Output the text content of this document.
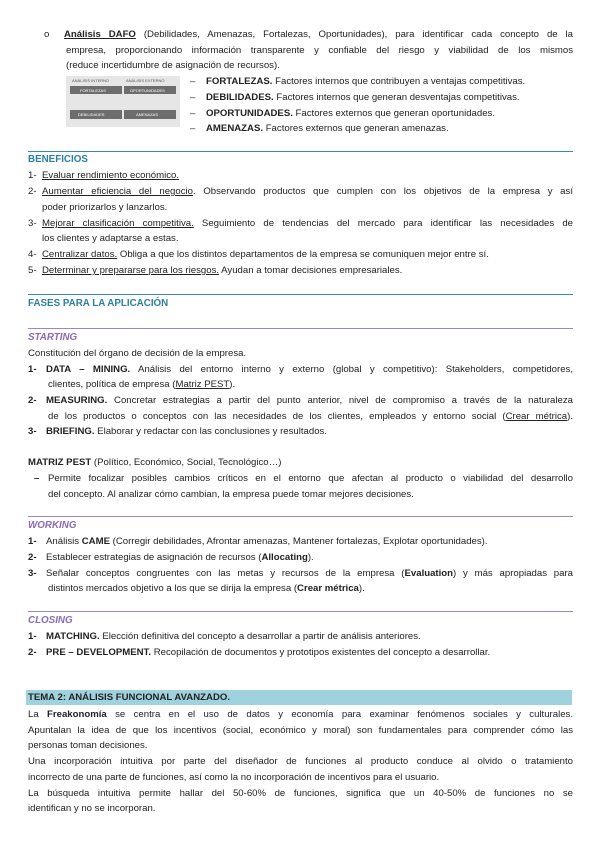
o Análisis DAFO (Debilidades, Amenazas, Fortalezas, Oportunidades), para identificar cada concepto de la
empresa, proporcionando información transparente y confiable del riesgo y viabilidad de los mismos
(reduce incertidumbre de asignación de recursos).
ANÁLISIS INTERNO	ANÁLISIS EXTERNO
FORTALEZAS	OPORTUNIDADES
DEBILIDADES	AMENAZAS
– FORTALEZAS. Factores internos que contribuyen a ventajas competitivas.
– DEBILIDADES. Factores internos que generan desventajas competitivas.
– OPORTUNIDADES. Factores externos que generan oportunidades.
– AMENAZAS. Factores externos que generan amenazas.
BENEFICIOS
1- Evaluar rendimiento económico.
2- Aumentar eficiencia del negocio. Observando productos que cumplen con los objetivos de la empresa y así
poder priorizarlos y lanzarlos.
3- Mejorar clasificación competitiva. Seguimiento de tendencias del mercado para identificar las necesidades de
los clientes y adaptarse a estas.
4- Centralizar datos. Obliga a que los distintos departamentos de la empresa se comuniquen mejor entre sí.
5- Determinar y prepararse para los riesgos. Ayudan a tomar decisiones empresariales.
FASES PARA LA APLICACIÓN
STARTING
Constitución del órgano de decisión de la empresa.
1- DATA – MINING. Análisis del entorno interno y externo (global y competitivo): Stakeholders, competidores,
clientes, política de empresa (Matriz PEST).
2- MEASURING. Concretar estrategias a partir del punto anterior, nivel de compromiso a través de la naturaleza
de los productos o conceptos con las necesidades de los clientes, empleados y entorno social (Crear métrica).
3- BRIEFING. Elaborar y redactar con las conclusiones y resultados.
MATRIZ PEST (Político, Económico, Social, Tecnológico…)
– Permite focalizar posibles cambios críticos en el entorno que afectan al producto o viabilidad del desarrollo
del concepto. Al analizar cómo cambian, la empresa puede tomar mejores decisiones.
WORKING
1- Análisis CAME (Corregir debilidades, Afrontar amenazas, Mantener fortalezas, Explotar oportunidades).
2- Establecer estrategias de asignación de recursos (Allocating).
3- Señalar conceptos congruentes con las metas y recursos de la empresa (Evaluation) y más apropiadas para
distintos mercados objetivo a los que se dirija la empresa (Crear métrica).
CLOSING
1- MATCHING. Elección definitiva del concepto a desarrollar a partir de análisis anteriores.
2- PRE – DEVELOPMENT. Recopilación de documentos y prototipos existentes del concepto a desarrollar.
TEMA 2: ANÁLISIS FUNCIONAL AVANZADO.
La Freakonomía se centra en el uso de datos y economía para examinar fenómenos sociales y culturales.
Apuntalan la idea de que los incentivos (social, económico y moral) son fundamentales para comprender cómo las
personas toman decisiones.
Una incorporación intuitiva por parte del diseñador de funciones al producto conduce al olvido o tratamiento
incorrecto de una parte de funciones, así como la no incorporación de incentivos para el usuario.
La búsqueda intuitiva permite hallar del 50-60% de funciones, significa que un 40-50% de funciones no se
identifican y no se incorporan.
